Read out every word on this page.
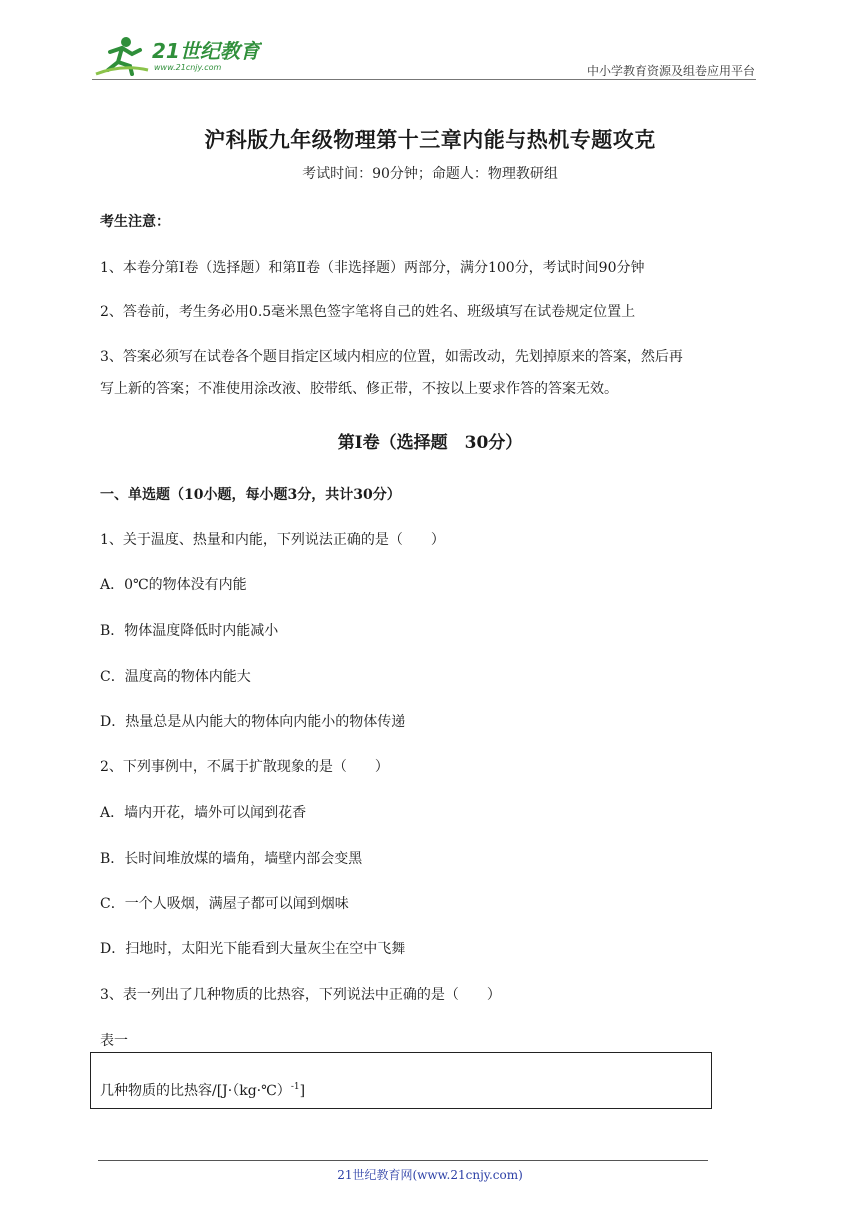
21世纪教育
www.21cnjy.com	中小学教育资源及组卷应用平台
沪科版九年级物理第十三章内能与热机专题攻克
考试时间：90分钟；命题人：物理教研组
考生注意：
1、本卷分第Ⅰ卷（选择题）和第Ⅱ卷（非选择题）两部分，满分100分，考试时间90分钟
2、答卷前，考生务必用0.5毫米黑色签字笔将自己的姓名、班级填写在试卷规定位置上
3、答案必须写在试卷各个题目指定区域内相应的位置，如需改动，先划掉原来的答案，然后再
写上新的答案；不准使用涂改液、胶带纸、修正带，不按以上要求作答的答案无效。
第Ⅰ卷（选择题　30分）
一、单选题（10小题，每小题3分，共计30分）
1、关于温度、热量和内能，下列说法正确的是（　　）
A．0℃的物体没有内能
B．物体温度降低时内能减小
C．温度高的物体内能大
D．热量总是从内能大的物体向内能小的物体传递
2、下列事例中，不属于扩散现象的是（　　）
A．墙内开花，墙外可以闻到花香
B．长时间堆放煤的墙角，墙壁内部会变黑
C．一个人吸烟，满屋子都可以闻到烟味
D．扫地时，太阳光下能看到大量灰尘在空中飞舞
3、表一列出了几种物质的比热容，下列说法中正确的是（　　）
表一
几种物质的比热容/[J·（kg·℃）$^{-1}$]
21世纪教育网(www.21cnjy.com)
